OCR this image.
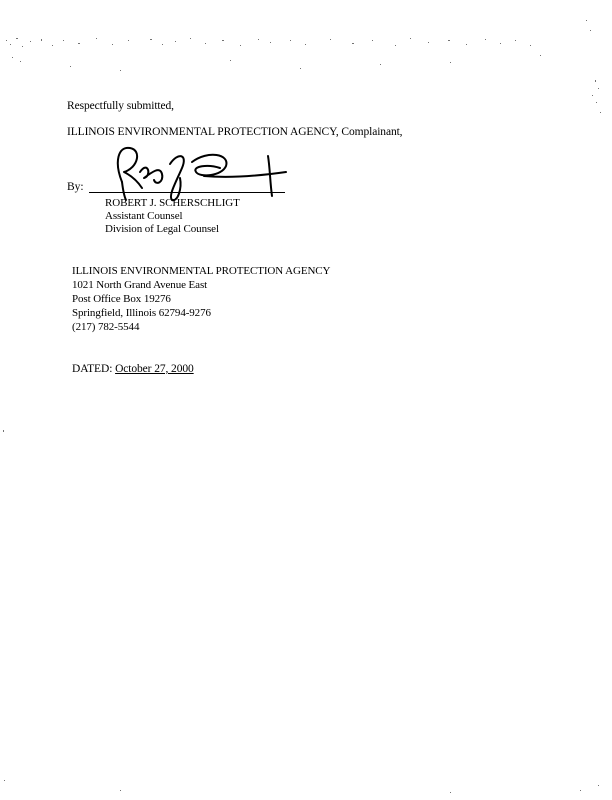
Respectfully submitted,
ILLINOIS ENVIRONMENTAL PROTECTION AGENCY, Complainant,
By:
ROBERT J. SCHERSCHLIGT
Assistant Counsel
Division of Legal Counsel
ILLINOIS ENVIRONMENTAL PROTECTION AGENCY
1021 North Grand Avenue East
Post Office Box 19276
Springfield, Illinois 62794-9276
(217) 782-5544
DATED: October 27, 2000
